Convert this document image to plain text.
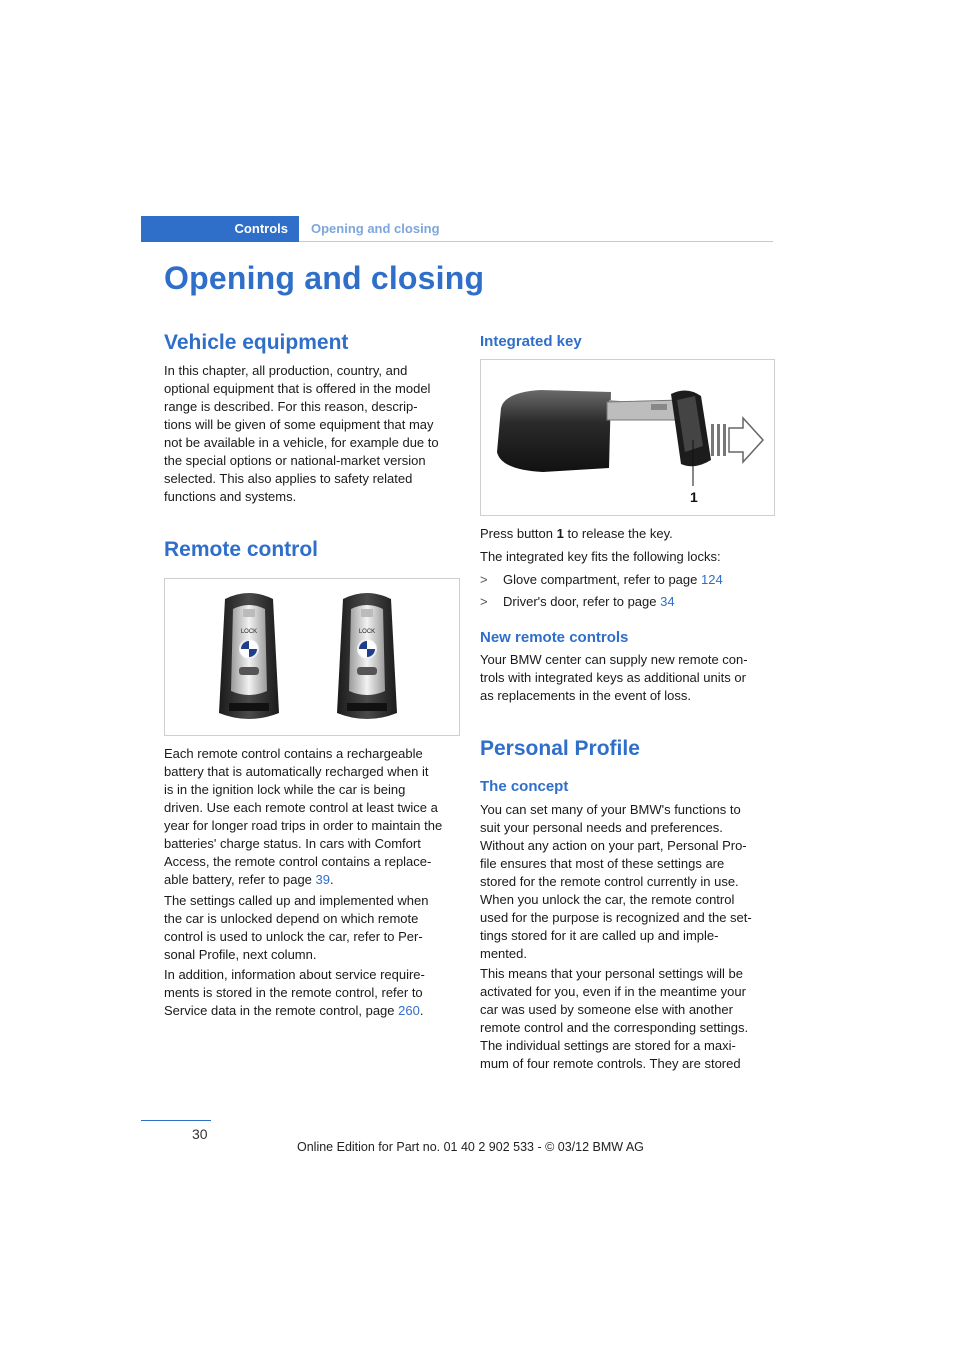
Controls	Opening and closing
Opening and closing
Vehicle equipment
In this chapter, all production, country, and
optional equipment that is offered in the model
range is described. For this reason, descrip-
tions will be given of some equipment that may
not be available in a vehicle, for example due to
the special options or national-market version
selected. This also applies to safety related
functions and systems.
Remote control
LOCK	LOCK
Each remote control contains a rechargeable
battery that is automatically recharged when it
is in the ignition lock while the car is being
driven. Use each remote control at least twice a
year for longer road trips in order to maintain the
batteries' charge status. In cars with Comfort
Access, the remote control contains a replace-
able battery, refer to page 39.
The settings called up and implemented when
the car is unlocked depend on which remote
control is used to unlock the car, refer to Per-
sonal Profile, next column.
In addition, information about service require-
ments is stored in the remote control, refer to
Service data in the remote control, page 260.
Integrated key
1
Press button 1 to release the key.
The integrated key fits the following locks:
> Glove compartment, refer to page 124
> Driver's door, refer to page 34
New remote controls
Your BMW center can supply new remote con-
trols with integrated keys as additional units or
as replacements in the event of loss.
Personal Profile
The concept
You can set many of your BMW's functions to
suit your personal needs and preferences.
Without any action on your part, Personal Pro-
file ensures that most of these settings are
stored for the remote control currently in use.
When you unlock the car, the remote control
used for the purpose is recognized and the set-
tings stored for it are called up and imple-
mented.
This means that your personal settings will be
activated for you, even if in the meantime your
car was used by someone else with another
remote control and the corresponding settings.
The individual settings are stored for a maxi-
mum of four remote controls. They are stored
30
Online Edition for Part no. 01 40 2 902 533 - © 03/12 BMW AG
